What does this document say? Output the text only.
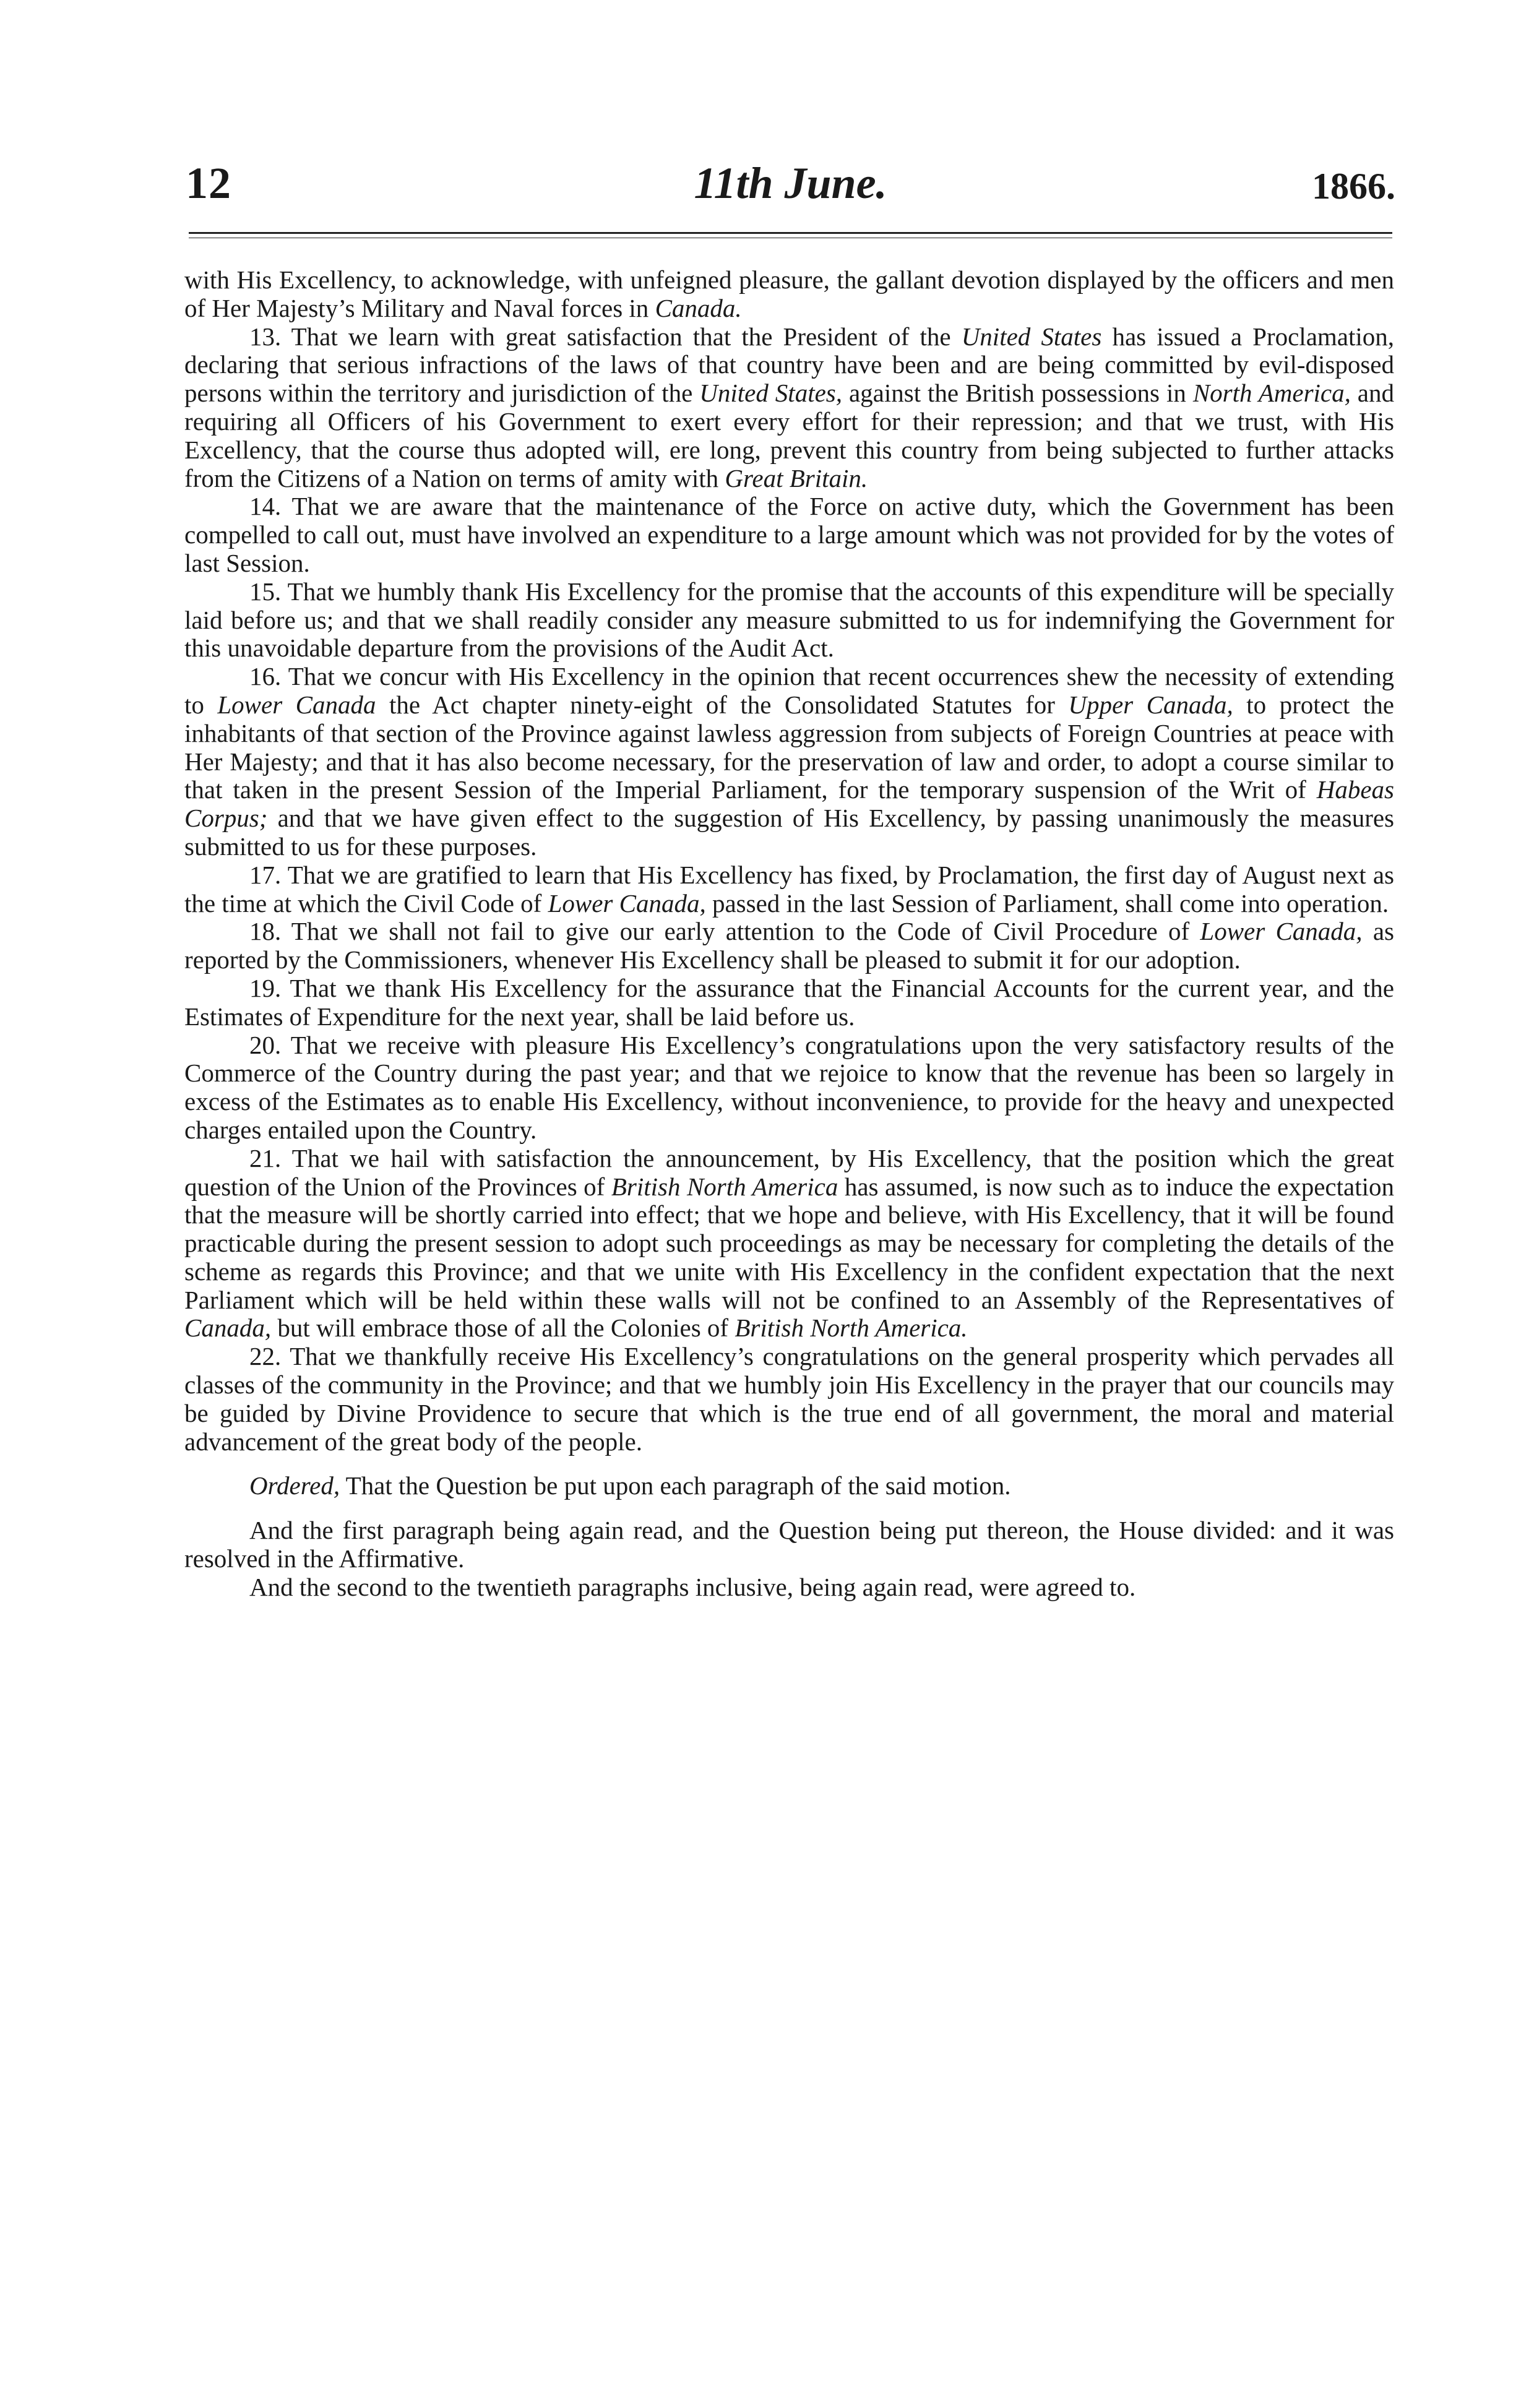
12	11th June.	1866.

with His Excellency, to acknowledge, with unfeigned pleasure, the gallant devotion displayed by the officers and men of Her Majesty’s Military and Naval forces in Canada.

13. That we learn with great satisfaction that the President of the United States has issued a Proclamation, declaring that serious infractions of the laws of that country have been and are being committed by evil-disposed persons within the territory and jurisdiction of the United States, against the British possessions in North America, and requiring all Officers of his Government to exert every effort for their repression; and that we trust, with His Excellency, that the course thus adopted will, ere long, prevent this country from being subjected to further attacks from the Citizens of a Nation on terms of amity with Great Britain.

14. That we are aware that the maintenance of the Force on active duty, which the Government has been compelled to call out, must have involved an expenditure to a large amount which was not provided for by the votes of last Session.

15. That we humbly thank His Excellency for the promise that the accounts of this expenditure will be specially laid before us; and that we shall readily consider any measure submitted to us for indemnifying the Government for this unavoidable departure from the provisions of the Audit Act.

16. That we concur with His Excellency in the opinion that recent occurrences shew the necessity of extending to Lower Canada the Act chapter ninety-eight of the Consolidated Statutes for Upper Canada, to protect the inhabitants of that section of the Province against lawless aggression from subjects of Foreign Countries at peace with Her Majesty; and that it has also become necessary, for the preservation of law and order, to adopt a course similar to that taken in the present Session of the Imperial Parliament, for the temporary suspension of the Writ of Habeas Corpus; and that we have given effect to the suggestion of His Excellency, by passing unanimously the measures submitted to us for these purposes.

17. That we are gratified to learn that His Excellency has fixed, by Proclamation, the first day of August next as the time at which the Civil Code of Lower Canada, passed in the last Session of Parliament, shall come into operation.

18. That we shall not fail to give our early attention to the Code of Civil Procedure of Lower Canada, as reported by the Commissioners, whenever His Excellency shall be pleased to submit it for our adoption.

19. That we thank His Excellency for the assurance that the Financial Accounts for the current year, and the Estimates of Expenditure for the next year, shall be laid before us.

20. That we receive with pleasure His Excellency’s congratulations upon the very satisfactory results of the Commerce of the Country during the past year; and that we rejoice to know that the revenue has been so largely in excess of the Estimates as to enable His Excellency, without inconvenience, to provide for the heavy and unexpected charges entailed upon the Country.

21. That we hail with satisfaction the announcement, by His Excellency, that the position which the great question of the Union of the Provinces of British North America has assumed, is now such as to induce the expectation that the measure will be shortly carried into effect; that we hope and believe, with His Excellency, that it will be found practicable during the present session to adopt such proceedings as may be necessary for completing the details of the scheme as regards this Province; and that we unite with His Excellency in the confident expectation that the next Parliament which will be held within these walls will not be confined to an Assembly of the Representatives of Canada, but will embrace those of all the Colonies of British North America.

22. That we thankfully receive His Excellency’s congratulations on the general prosperity which pervades all classes of the community in the Province; and that we humbly join His Excellency in the prayer that our councils may be guided by Divine Providence to secure that which is the true end of all government, the moral and material advancement of the great body of the people.

Ordered, That the Question be put upon each paragraph of the said motion.

And the first paragraph being again read, and the Question being put thereon, the House divided: and it was resolved in the Affirmative.

And the second to the twentieth paragraphs inclusive, being again read, were agreed to.
